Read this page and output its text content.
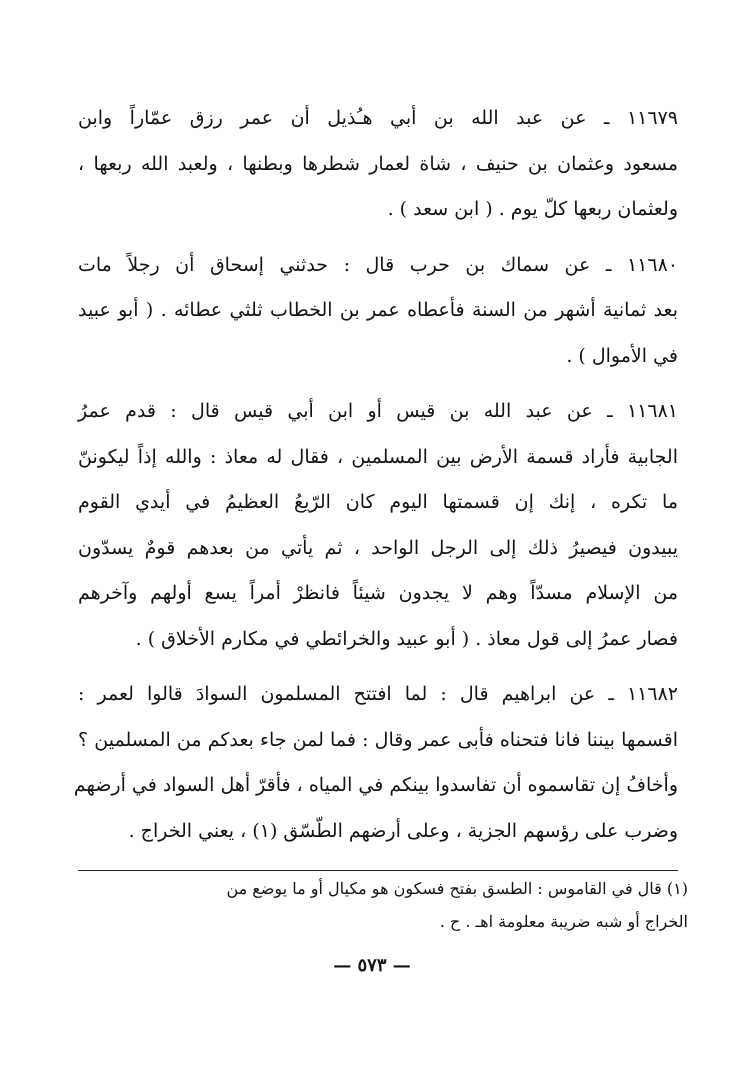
١١٦٧٩ ـ عن عبد الله بن أبي هـُذيل أن عمر رزق عمّاراً وابن
مسعود وعثمان بن حنيف ، شاة لعمار شطرها وبطنها ، ولعبد الله ربعها ،
ولعثمان ربعها كلّ يوم . ( ابن سعد ) .

١١٦٨٠ ـ عن سماك بن حرب قال : حدثني إسحاق أن رجلاً مات
بعد ثمانية أشهر من السنة فأعطاه عمر بن الخطاب ثلثي عطائه . ( أبو عبيد
في الأموال ) .

١١٦٨١ ـ عن عبد الله بن قيس أو ابن أبي قيس قال : قدم عمرُ
الجابية فأراد قسمة الأرض بين المسلمين ، فقال له معاذ : والله إذاً ليكوننّ
ما تكره ، إنك إن قسمتها اليوم كان الرّيعُ العظيمُ في أيدي القوم
يبيدون فيصيرُ ذلك إلى الرجل الواحد ، ثم يأتي من بعدهم قومٌ يسدّون
من الإسلام مسدّاً وهم لا يجدون شيئاً فانظرْ أمراً يسع أولهم وآخرهم
فصار عمرُ إلى قول معاذ . ( أبو عبيد والخرائطي في مكارم الأخلاق ) .

١١٦٨٢ ـ عن ابراهيم قال : لما افتتح المسلمون السوادَ قالوا لعمر :
اقسمها بيننا فانا فتحناه فأبى عمر وقال : فما لمن جاء بعدكم من المسلمين ؟
وأخافُ إن تقاسموه أن تفاسدوا بينكم في المياه ، فأقرّ أهل السواد في أرضهم
وضرب على رؤسهم الجزية ، وعلى أرضهم الطّسّق (١) ، يعني الخراج .

(١) قال في القاموس : الطسق بفتح فسكون هو مكيال أو ما يوضع من
الخراج أو شبه ضريبة معلومة اهـ . ح .
— ٥٧٣ —
